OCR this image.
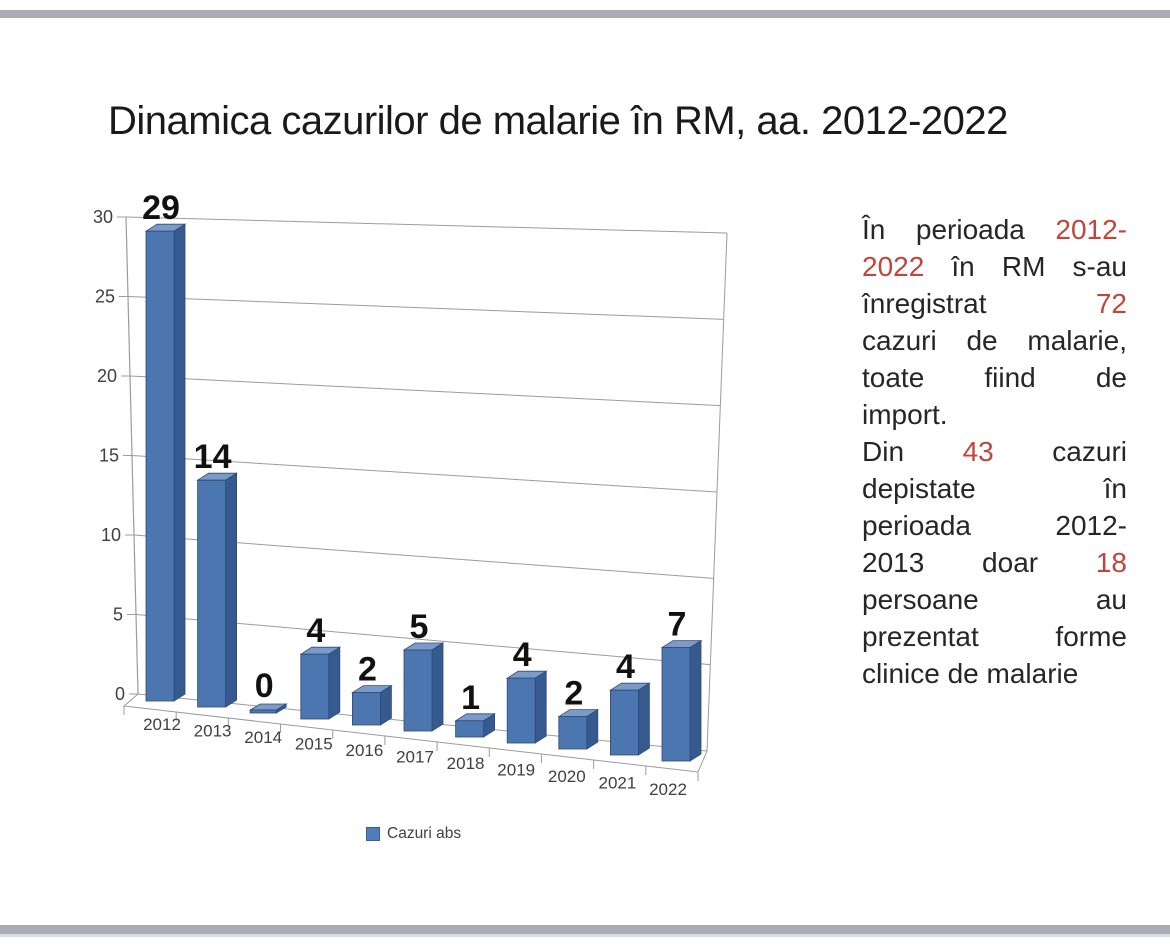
Dinamica cazurilor de malarie în RM, aa. 2012-2022
0
5
10
15
20
25
30
2012 2013 2014 2015 2016 2017 2018 2019 2020 2021 2022
29
14
0
4
2
5
1
4
2
4
7
Cazuri abs
În perioada 2012-
2022 în RM s-au
înregistrat	72
cazuri de malarie,
toate fiind de
import.
Din 43 cazuri
depistate	în
perioada	2012-
2013 doar 18
persoane	au
prezentat	forme
clinice de malarie
